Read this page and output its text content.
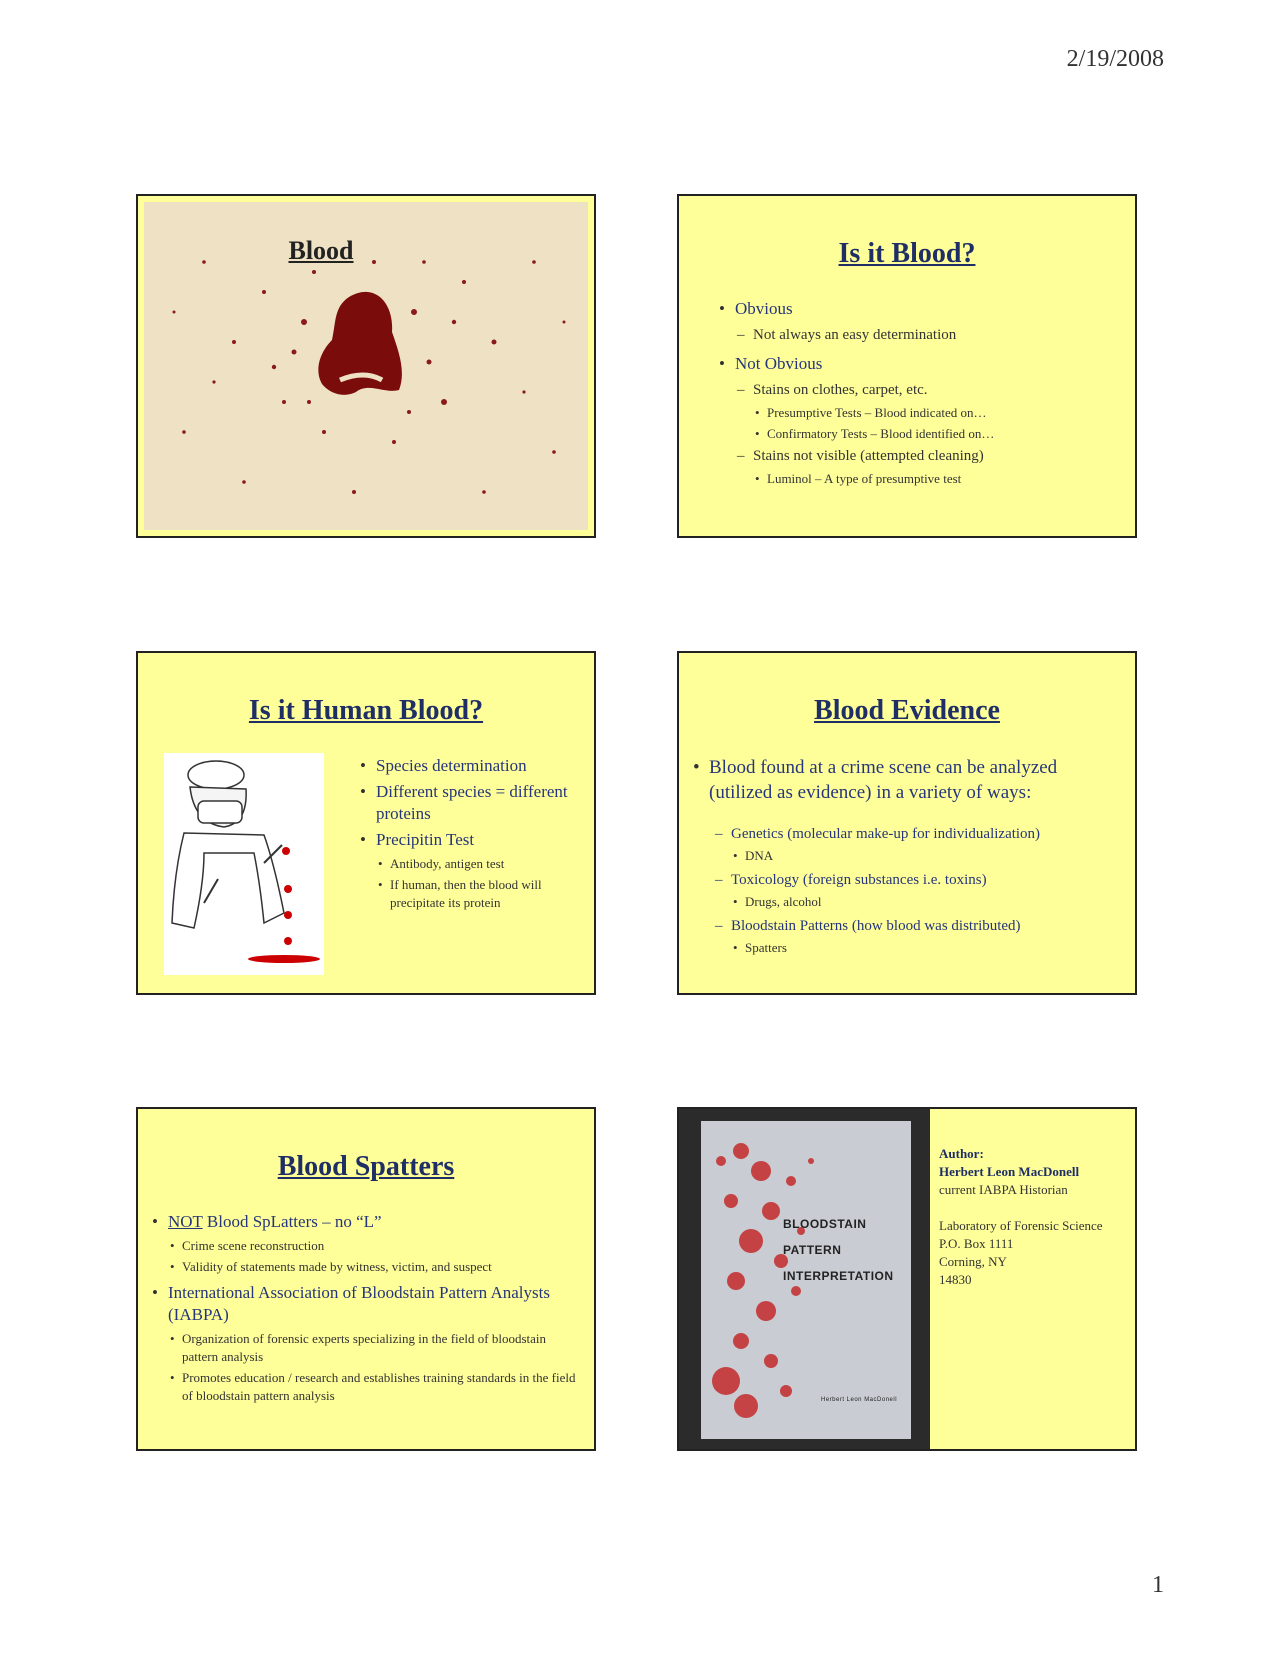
2/19/2008
Blood	Is it Blood?
• Obvious
– Not always an easy determination
• Not Obvious
– Stains on clothes, carpet, etc.
• Presumptive Tests – Blood indicated on…
• Confirmatory Tests – Blood identified on…
– Stains not visible (attempted cleaning)
• Luminol – A type of presumptive test
Is it Human Blood?
• Species determination
• Different species = different proteins
• Precipitin Test
• Antibody, antigen test
• If human, then the blood will precipitate its protein
Blood Evidence
• Blood found at a crime scene can be analyzed (utilized as evidence) in a variety of ways:
– Genetics (molecular make-up for individualization)
• DNA
– Toxicology (foreign substances i.e. toxins)
• Drugs, alcohol
– Bloodstain Patterns (how blood was distributed)
• Spatters
Blood Spatters
• NOT Blood SpLatters – no “L”
• Crime scene reconstruction
• Validity of statements made by witness, victim, and suspect
• International Association of Bloodstain Pattern Analysts (IABPA)
• Organization of forensic experts specializing in the field of bloodstain pattern analysis
• Promotes education / research and establishes training standards in the field of bloodstain pattern analysis
BLOODSTAIN
PATTERN
INTERPRETATION
Herbert Leon MacDonell
Author:
Herbert Leon MacDonell
current IABPA Historian
Laboratory of Forensic Science
P.O. Box 1111
Corning, NY
14830
1
